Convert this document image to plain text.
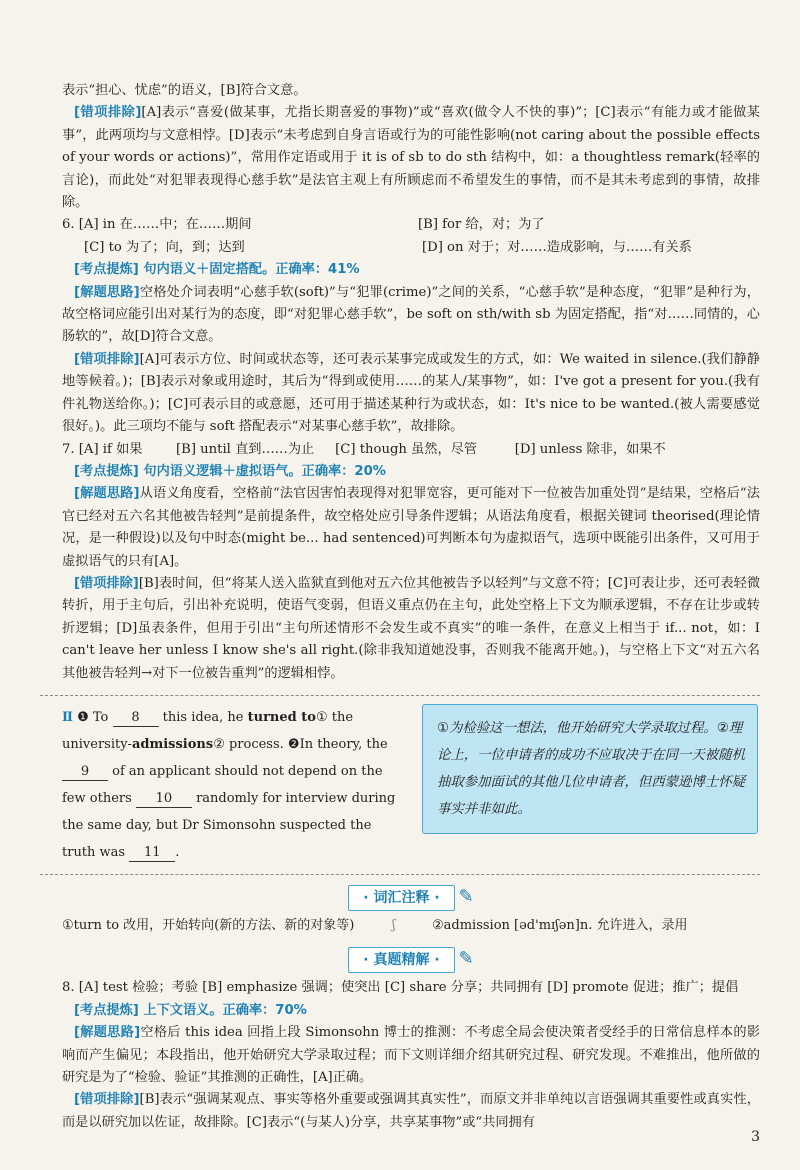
表示“担心、忧虑”的语义，[B]符合文意。

[错项排除][A]表示“喜爱(做某事，尤指长期喜爱的事物)”或“喜欢(做令人不快的事)”；[C]表示“有能力或才能做某事”，此两项均与文意相悖。[D]表示“未考虑到自身言语或行为的可能性影响(not caring about the possible effects of your words or actions)”，常用作定语或用于 it is of sb to do sth 结构中，如：a thoughtless remark(轻率的言论)，而此处“对犯罪表现得心慈手软”是法官主观上有所顾虑而不希望发生的事情，而不是其未考虑到的事情，故排除。

6. [A] in 在……中；在……期间	[B] for 给，对；为了
[C] to 为了；向，到；达到	[D] on 对于；对……造成影响，与……有关系

[考点提炼] 句内语义＋固定搭配。正确率：41%

[解题思路]空格处介词表明“心慈手软(soft)”与“犯罪(crime)”之间的关系，“心慈手软”是种态度，“犯罪”是种行为，故空格词应能引出对某行为的态度，即“对犯罪心慈手软”，be soft on sth/with sb 为固定搭配，指“对……同情的，心肠软的”，故[D]符合文意。

[错项排除][A]可表示方位、时间或状态等，还可表示某事完成或发生的方式，如：We waited in silence.(我们静静地等候着。)；[B]表示对象或用途时，其后为“得到或使用……的某人/某事物”，如：I've got a present for you.(我有件礼物送给你。)；[C]可表示目的或意愿，还可用于描述某种行为或状态，如：It's nice to be wanted.(被人需要感觉很好。)。此三项均不能与 soft 搭配表示“对某事心慈手软”，故排除。

7. [A] if 如果        [B] until 直到……为止     [C] though 虽然，尽管         [D] unless 除非，如果不

[考点提炼] 句内语义逻辑＋虚拟语气。正确率：20%

[解题思路]从语义角度看，空格前“法官因害怕表现得对犯罪宽容，更可能对下一位被告加重处罚”是结果，空格后“法官已经对五六名其他被告轻判”是前提条件，故空格处应引导条件逻辑；从语法角度看，根据关键词 theorised(理论情况，是一种假设)以及句中时态(might be... had sentenced)可判断本句为虚拟语气，选项中既能引出条件，又可用于虚拟语气的只有[A]。

[错项排除][B]表时间，但“将某人送入监狱直到他对五六位其他被告予以轻判”与文意不符；[C]可表让步，还可表轻微转折，用于主句后，引出补充说明，使语气变弱，但语义重点仍在主句，此处空格上下文为顺承逻辑，不存在让步或转折逻辑；[D]虽表条件，但用于引出“主句所述情形不会发生或不真实”的唯一条件，在意义上相当于 if... not，如：I can't leave her unless I know she's all right.(除非我知道她没事，否则我不能离开她。)，与空格上下文“对五六名其他被告轻判→对下一位被告重判”的逻辑相悖。

Ⅱ ❶ To 8 this idea, he turned to① the university-admissions② process. ❷In theory, the 9 of an applicant should not depend on the few others 10 randomly for interview during the same day, but Dr Simonsohn suspected the truth was 11 .
①为检验这一想法，他开始研究大学录取过程。②理论上，一位申请者的成功不应取决于在同一天被随机抽取参加面试的其他几位申请者，但西蒙逊博士怀疑事实并非如此。
· 词汇注释 ·	✎
①turn to 改用，开始转向(新的方法、新的对象等)	ʃ	②admission [əd'mɪʃən]n. 允许进入，录用
· 真题精解 ·	✎

8. [A] test 检验；考验 [B] emphasize 强调；使突出 [C] share 分享；共同拥有 [D] promote 促进；推广；提倡

[考点提炼] 上下文语义。正确率：70%

[解题思路]空格后 this idea 回指上段 Simonsohn 博士的推测：不考虑全局会使决策者受经手的日常信息样本的影响而产生偏见；本段指出，他开始研究大学录取过程；而下文则详细介绍其研究过程、研究发现。不难推出，他所做的研究是为了“检验、验证”其推测的正确性，[A]正确。

[错项排除][B]表示“强调某观点、事实等格外重要或强调其真实性”，而原文并非单纯以言语强调其重要性或真实性，而是以研究加以佐证，故排除。[C]表示“(与某人)分享，共享某事物”或“共同拥有

3
